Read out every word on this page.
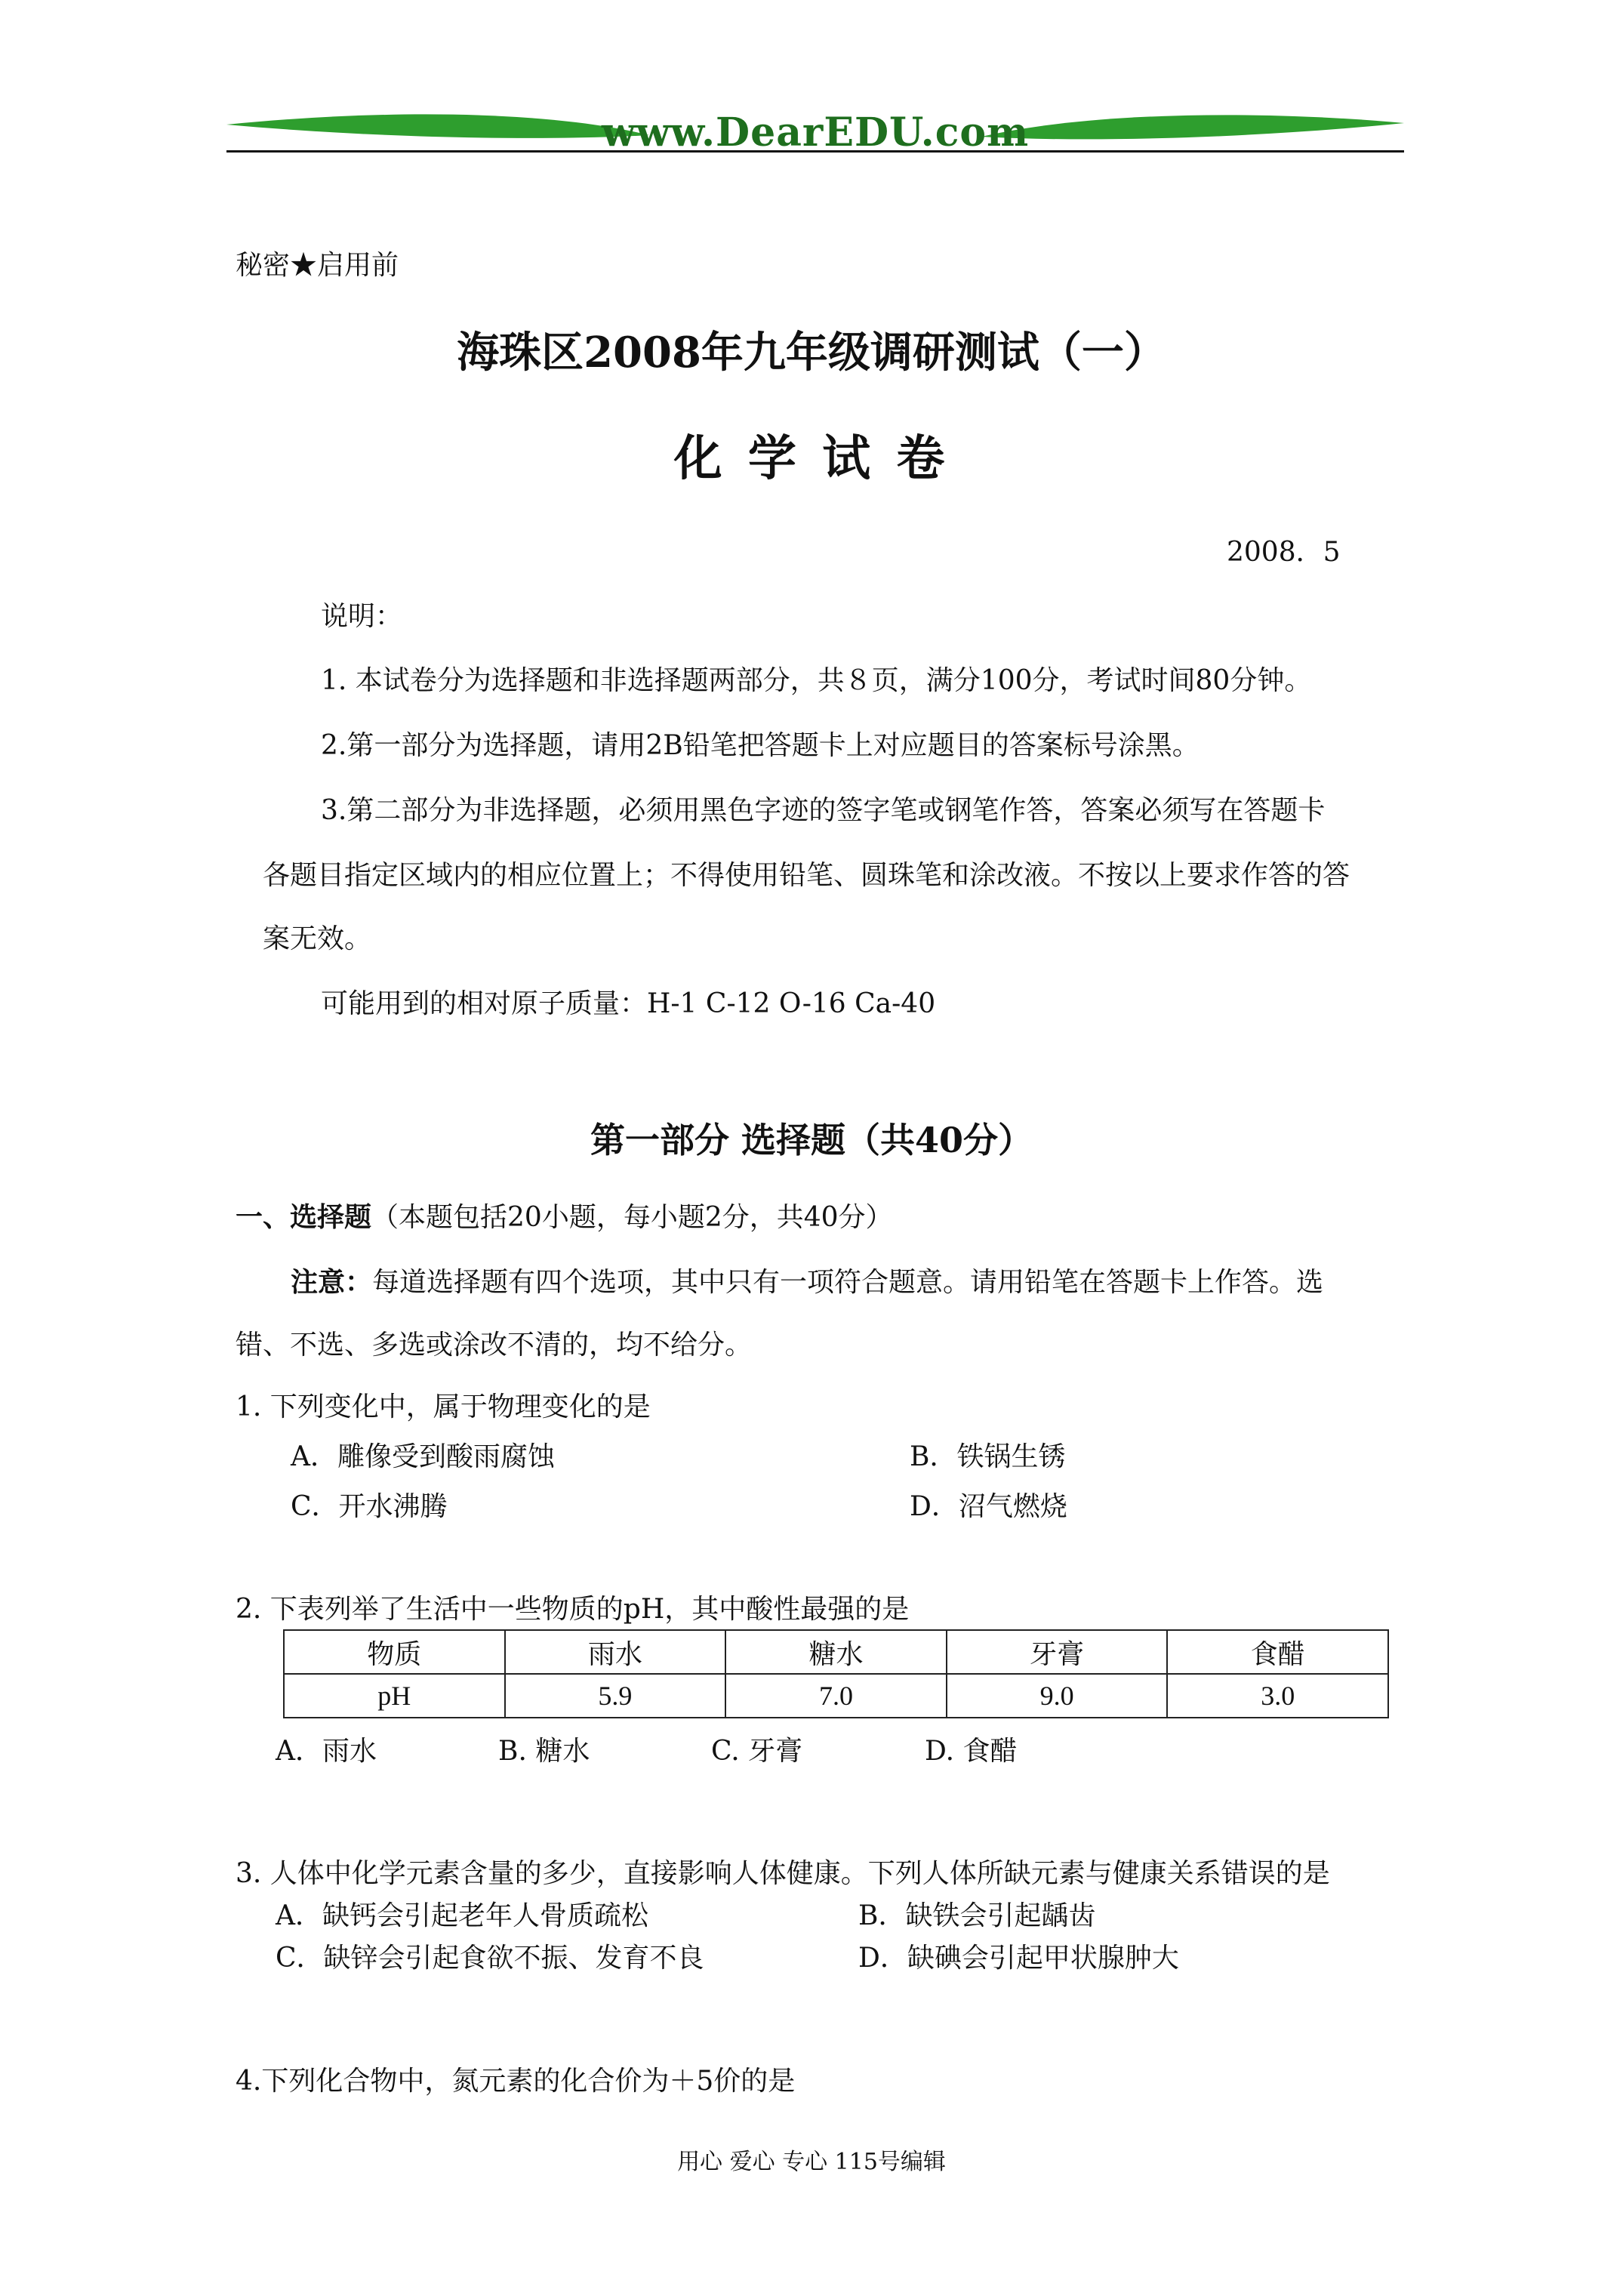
www.DearEDU.com
秘密★启用前
海珠区2008年九年级调研测试（一）
化 学 试 卷
2008．5
说明：
1. 本试卷分为选择题和非选择题两部分，共８页，满分100分，考试时间80分钟。
2.第一部分为选择题，请用2B铅笔把答题卡上对应题目的答案标号涂黑。
3.第二部分为非选择题，必须用黑色字迹的签字笔或钢笔作答，答案必须写在答题卡
各题目指定区域内的相应位置上；不得使用铅笔、圆珠笔和涂改液。不按以上要求作答的答
案无效。
可能用到的相对原子质量：H-1 C-12 O-16 Ca-40
第一部分 选择题（共40分）
一、选择题（本题包括20小题，每小题2分，共40分）
注意：每道选择题有四个选项，其中只有一项符合题意。请用铅笔在答题卡上作答。选
错、不选、多选或涂改不清的，均不给分。
1. 下列变化中，属于物理变化的是
A．雕像受到酸雨腐蚀	B．铁锅生锈
C．开水沸腾	D．沼气燃烧
2. 下表列举了生活中一些物质的pH，其中酸性最强的是
物质	雨水	糖水	牙膏	食醋
pH	5.9	7.0	9.0	3.0
A．雨水	B. 糖水	C. 牙膏	D. 食醋
3. 人体中化学元素含量的多少，直接影响人体健康。下列人体所缺元素与健康关系错误的是
A．缺钙会引起老年人骨质疏松	B．缺铁会引起龋齿
C．缺锌会引起食欲不振、发育不良	D．缺碘会引起甲状腺肿大
4.下列化合物中，氮元素的化合价为＋5价的是
用心 爱心 专心 115号编辑
